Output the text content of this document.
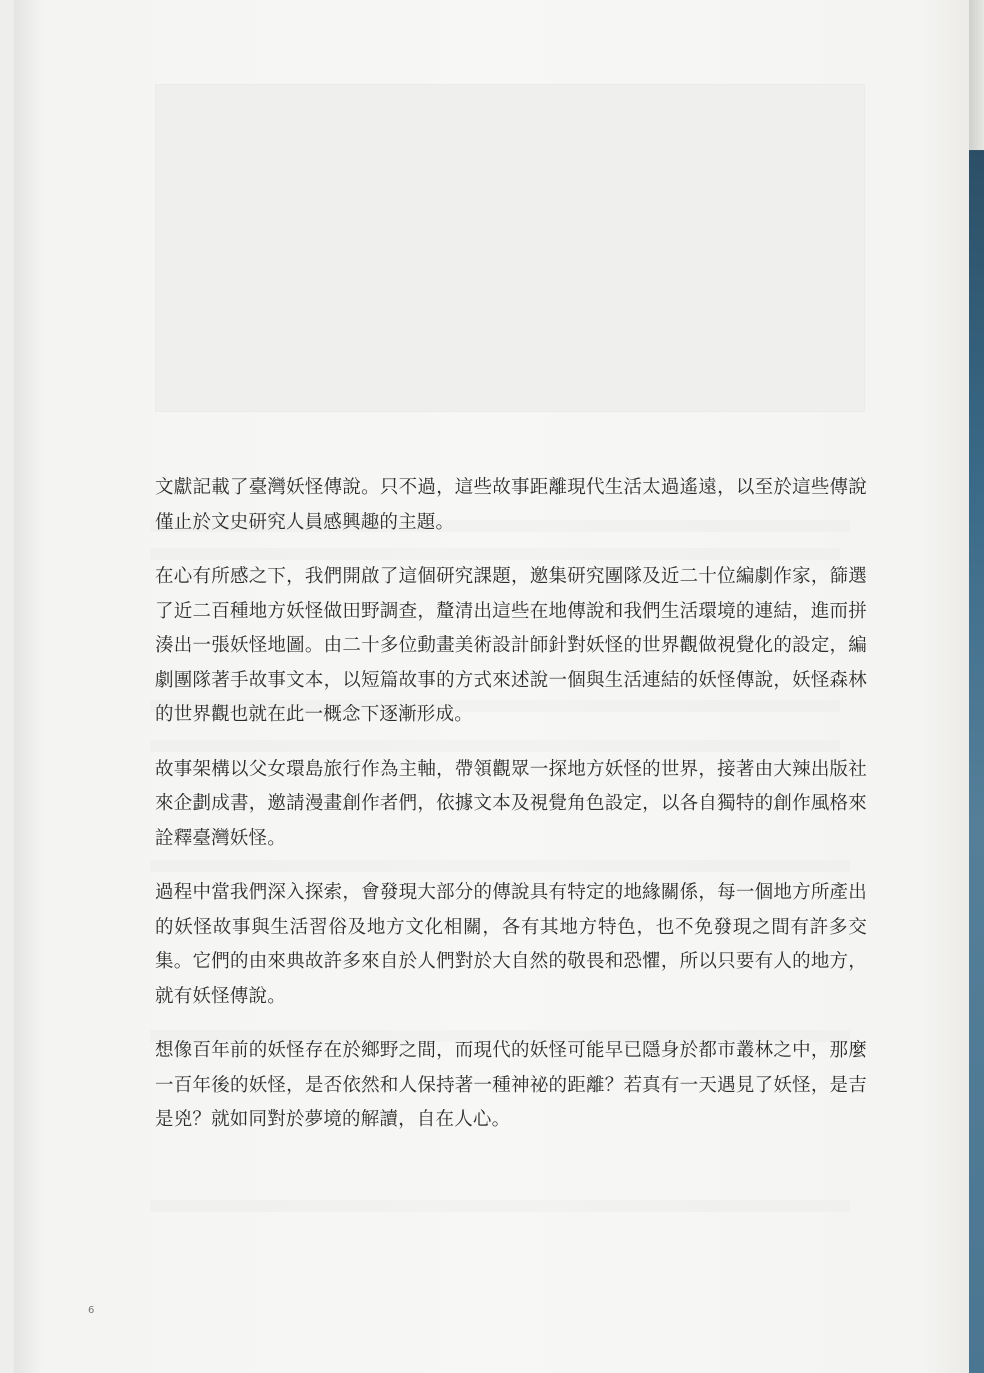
文獻記載了臺灣妖怪傳說。只不過，這些故事距離現代生活太過遙遠，以至於這些傳說僅止於文史研究人員感興趣的主題。

在心有所感之下，我們開啟了這個研究課題，邀集研究團隊及近二十位編劇作家，篩選了近二百種地方妖怪做田野調查，釐清出這些在地傳說和我們生活環境的連結，進而拼湊出一張妖怪地圖。由二十多位動畫美術設計師針對妖怪的世界觀做視覺化的設定，編劇團隊著手故事文本，以短篇故事的方式來述說一個與生活連結的妖怪傳說，妖怪森林的世界觀也就在此一概念下逐漸形成。

故事架構以父女環島旅行作為主軸，帶領觀眾一探地方妖怪的世界，接著由大辣出版社來企劃成書，邀請漫畫創作者們，依據文本及視覺角色設定，以各自獨特的創作風格來詮釋臺灣妖怪。

過程中當我們深入探索，會發現大部分的傳說具有特定的地緣關係，每一個地方所產出的妖怪故事與生活習俗及地方文化相關，各有其地方特色，也不免發現之間有許多交集。它們的由來典故許多來自於人們對於大自然的敬畏和恐懼，所以只要有人的地方，就有妖怪傳說。

想像百年前的妖怪存在於鄉野之間，而現代的妖怪可能早已隱身於都市叢林之中，那麼一百年後的妖怪，是否依然和人保持著一種神祕的距離？若真有一天遇見了妖怪，是吉是兇？就如同對於夢境的解讀，自在人心。

6
